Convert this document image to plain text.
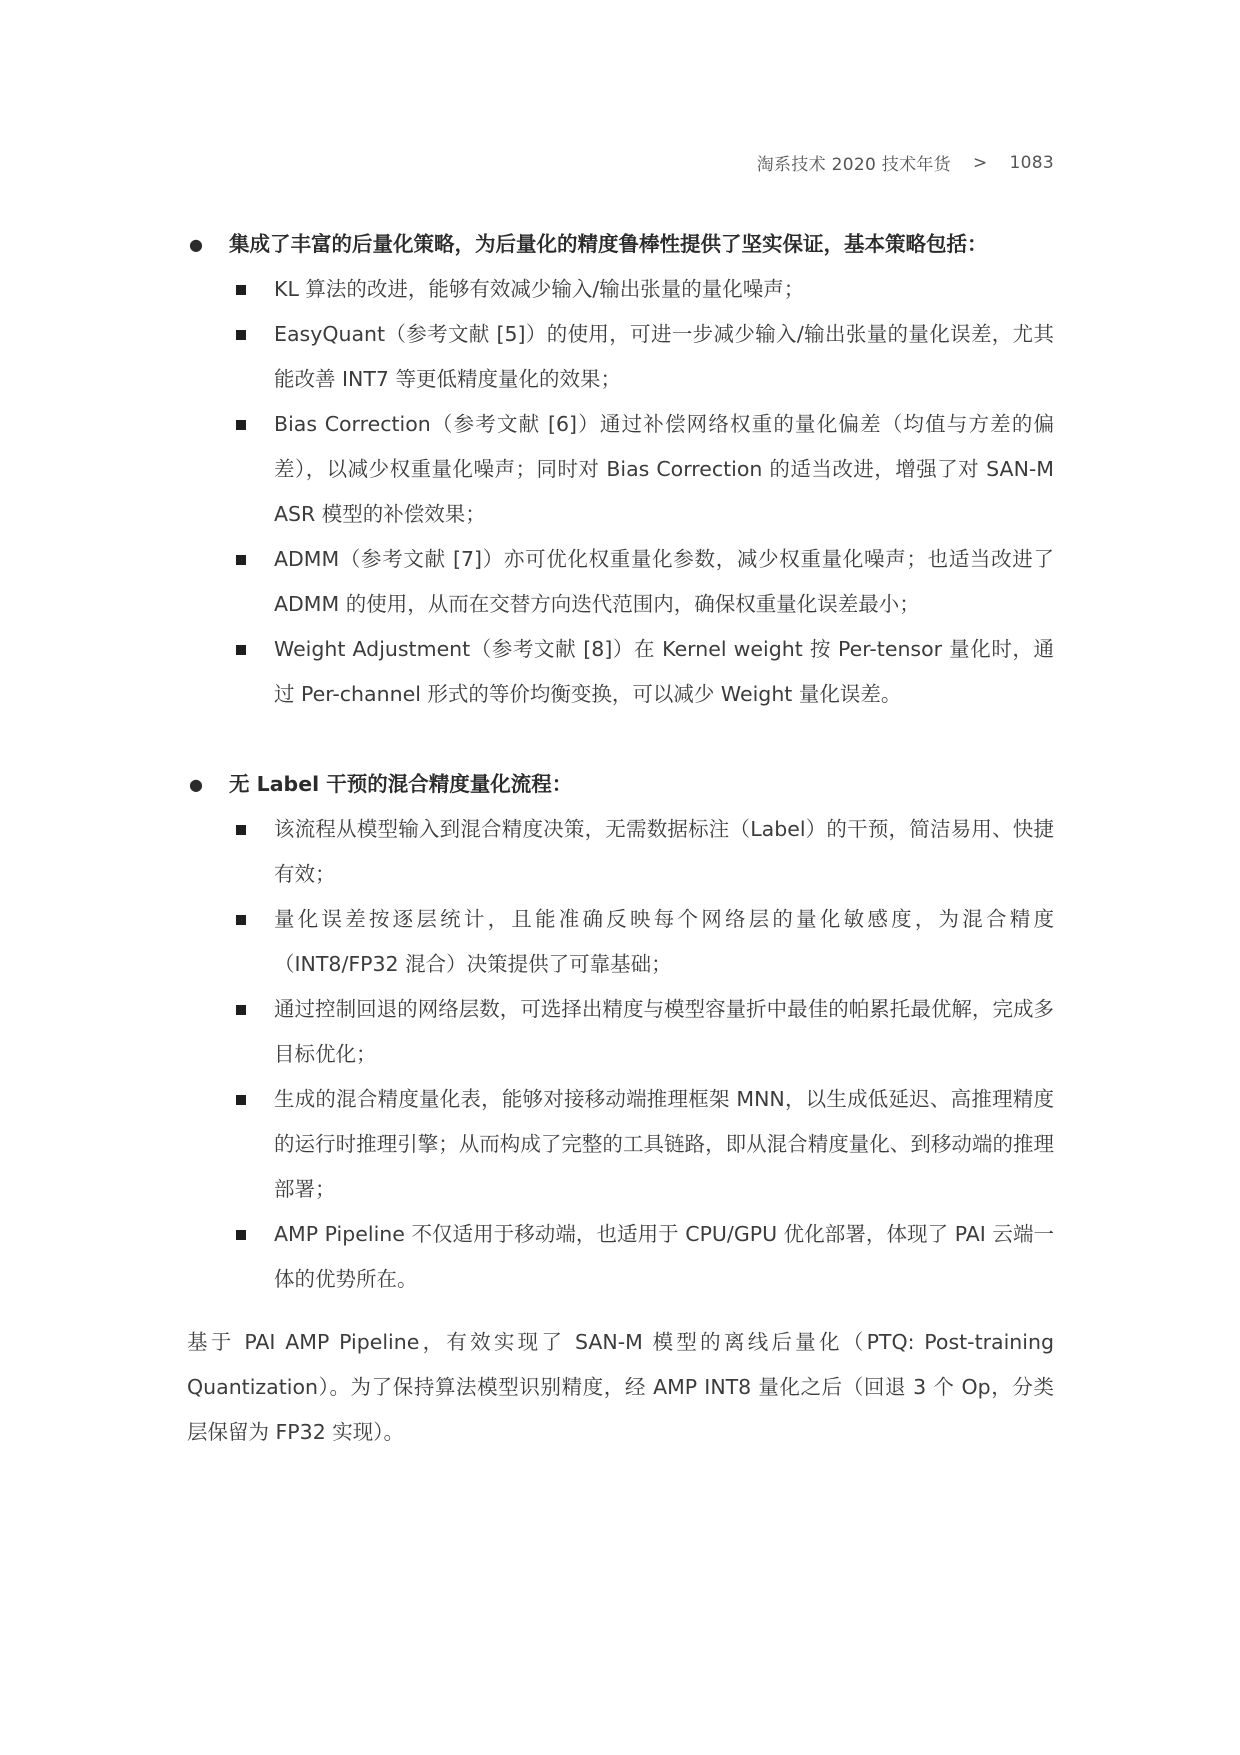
淘系技术 2020 技术年货 > 1083
● 集成了丰富的后量化策略，为后量化的精度鲁棒性提供了坚实保证，基本策略包括：
KL 算法的改进，能够有效减少输入/输出张量的量化噪声；
EasyQuant（参考文献 [5]）的使用，可进一步减少输入/输出张量的量化误差，尤其能改善 INT7 等更低精度量化的效果；
Bias Correction（参考文献 [6]）通过补偿网络权重的量化偏差（均值与方差的偏差），以减少权重量化噪声；同时对 Bias Correction 的适当改进，增强了对 SAN-M ASR 模型的补偿效果；
ADMM（参考文献 [7]）亦可优化权重量化参数，减少权重量化噪声；也适当改进了 ADMM 的使用，从而在交替方向迭代范围内，确保权重量化误差最小；
Weight Adjustment（参考文献 [8]）在 Kernel weight 按 Per-tensor 量化时，通过 Per-channel 形式的等价均衡变换，可以减少 Weight 量化误差。
● 无 Label 干预的混合精度量化流程：
该流程从模型输入到混合精度决策，无需数据标注（Label）的干预，简洁易用、快捷有效；
量化误差按逐层统计，且能准确反映每个网络层的量化敏感度，为混合精度（INT8/FP32 混合）决策提供了可靠基础；
通过控制回退的网络层数，可选择出精度与模型容量折中最佳的帕累托最优解，完成多目标优化；
生成的混合精度量化表，能够对接移动端推理框架 MNN，以生成低延迟、高推理精度的运行时推理引擎；从而构成了完整的工具链路，即从混合精度量化、到移动端的推理部署；
AMP Pipeline 不仅适用于移动端，也适用于 CPU/GPU 优化部署，体现了 PAI 云端一体的优势所在。
基于 PAI AMP Pipeline，有效实现了 SAN-M 模型的离线后量化（PTQ: Post-training Quantization）。为了保持算法模型识别精度，经 AMP INT8 量化之后（回退 3 个 Op，分类层保留为 FP32 实现）。
